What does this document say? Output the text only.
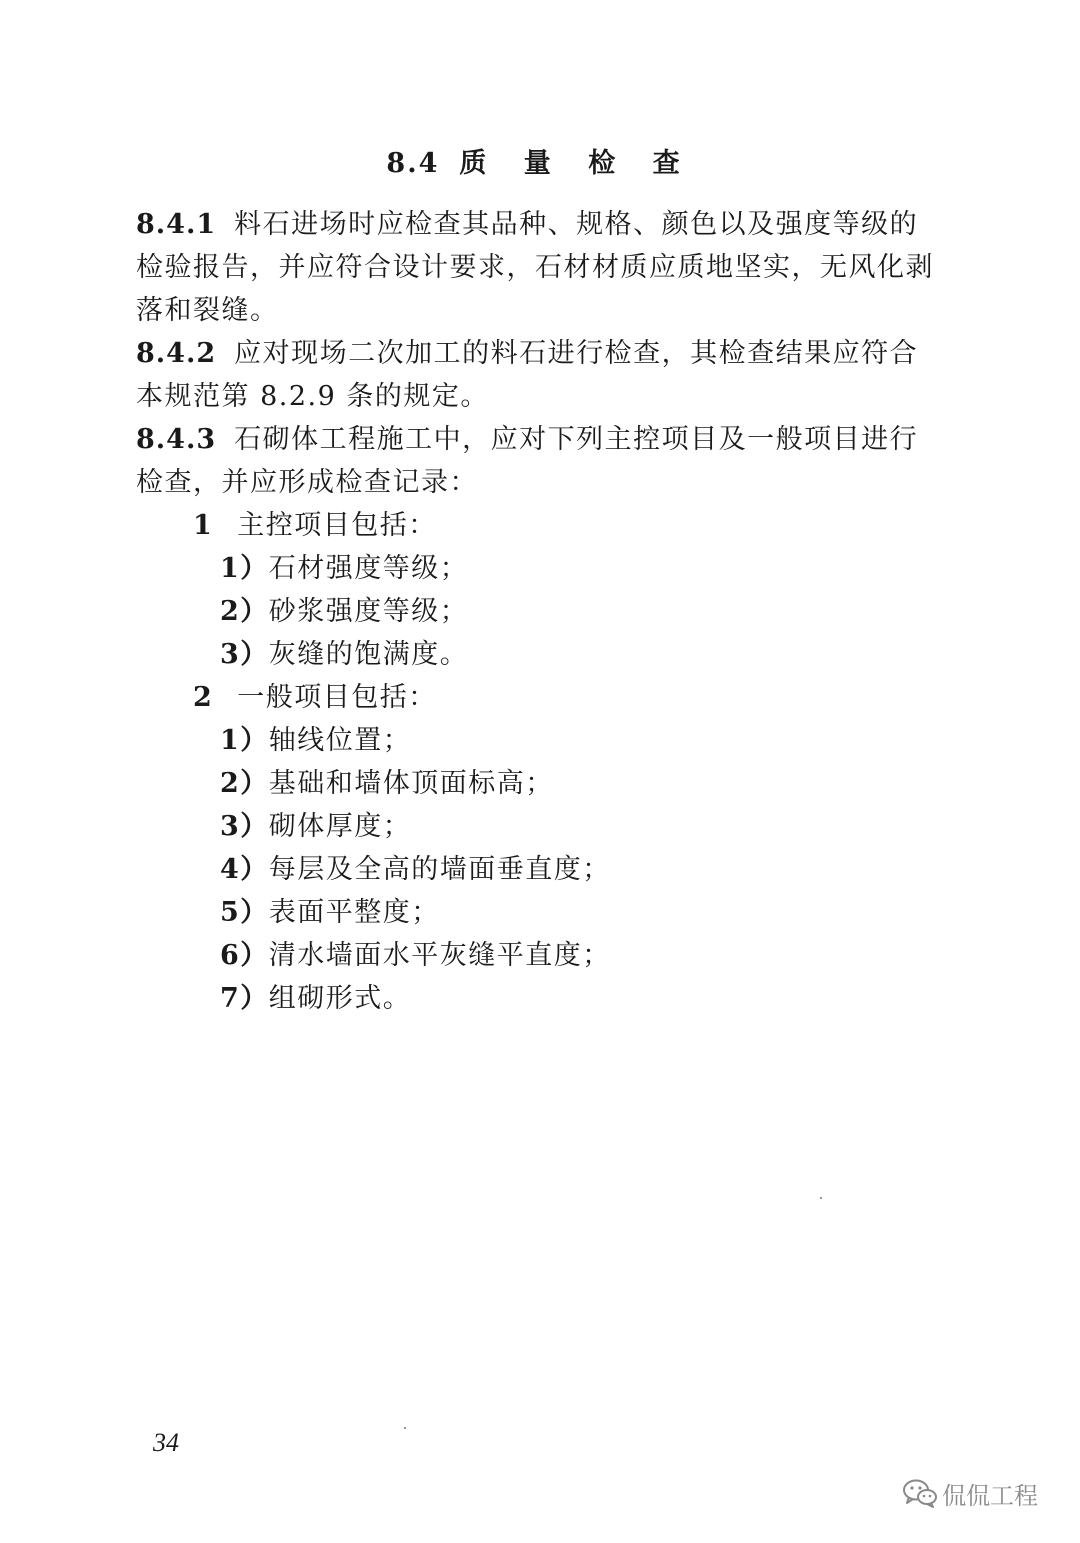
8.4 质 量 检 查

8.4.1 料石进场时应检查其品种、规格、颜色以及强度等级的检验报告，并应符合设计要求，石材材质应质地坚实，无风化剥落和裂缝。

8.4.2 应对现场二次加工的料石进行检查，其检查结果应符合本规范第 8.2.9 条的规定。

8.4.3 石砌体工程施工中，应对下列主控项目及一般项目进行检查，并应形成检查记录：

1 主控项目包括：

1）石材强度等级；

2）砂浆强度等级；

3）灰缝的饱满度。

2 一般项目包括：

1）轴线位置；

2）基础和墙体顶面标高；

3）砌体厚度；

4）每层及全高的墙面垂直度；

5）表面平整度；

6）清水墙面水平灰缝平直度；

7）组砌形式。

34
侃侃工程
